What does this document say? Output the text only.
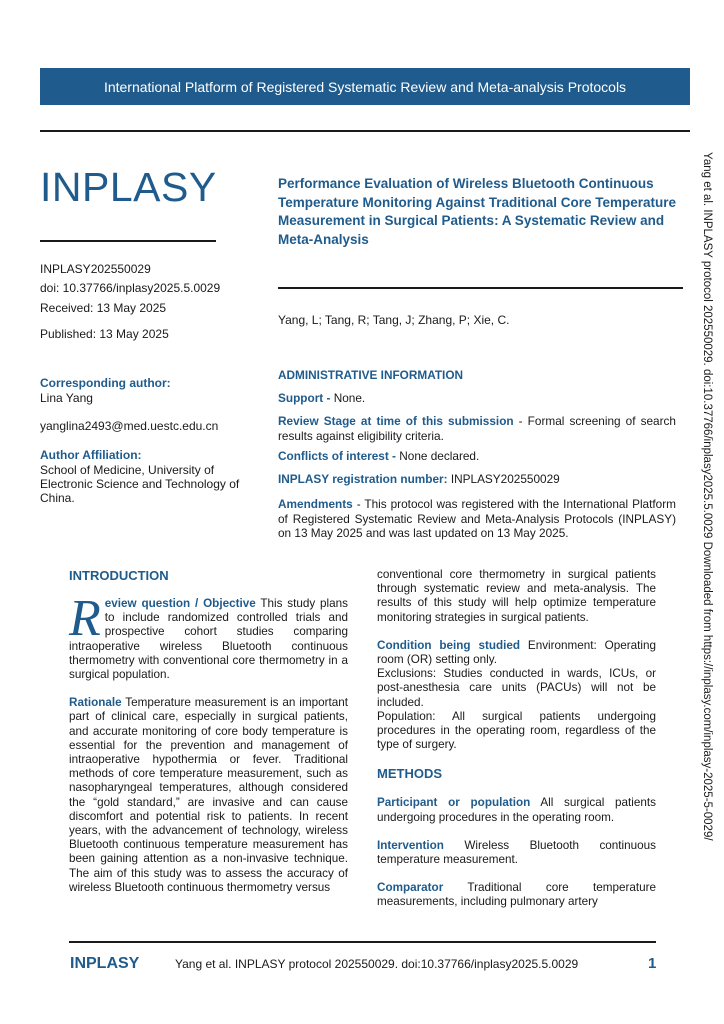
International Platform of Registered Systematic Review and Meta-analysis Protocols
Yang et al. INPLASY protocol 202550029. doi:10.37766/inplasy2025.5.0029 Downloaded from https://inplasy.com/inplasy-2025-5-0029/
INPLASY
INPLASY202550029
doi: 10.37766/inplasy2025.5.0029
Received: 13 May 2025
Published: 13 May 2025
Corresponding author:
Lina Yang
yanglina2493@med.uestc.edu.cn
Author Affiliation:
School of Medicine, University of Electronic Science and Technology of China.
Performance Evaluation of Wireless Bluetooth Continuous Temperature Monitoring Against Traditional Core Temperature Measurement in Surgical Patients: A Systematic Review and Meta-Analysis
Yang, L; Tang, R; Tang, J; Zhang, P; Xie, C.
ADMINISTRATIVE INFORMATION
Support - None.
Review Stage at time of this submission - Formal screening of search results against eligibility criteria.
Conflicts of interest - None declared.
INPLASY registration number: INPLASY202550029
Amendments - This protocol was registered with the International Platform of Registered Systematic Review and Meta-Analysis Protocols (INPLASY) on 13 May 2025 and was last updated on 13 May 2025.
INTRODUCTION

Review question / Objective This study plans to include randomized controlled trials and prospective cohort studies comparing intraoperative wireless Bluetooth continuous thermometry with conventional core thermometry in a surgical population.

Rationale Temperature measurement is an important part of clinical care, especially in surgical patients, and accurate monitoring of core body temperature is essential for the prevention and management of intraoperative hypothermia or fever. Traditional methods of core temperature measurement, such as nasopharyngeal temperatures, although considered the “gold standard,” are invasive and can cause discomfort and potential risk to patients. In recent years, with the advancement of technology, wireless Bluetooth continuous temperature measurement has been gaining attention as a non-invasive technique. The aim of this study was to assess the accuracy of wireless Bluetooth continuous thermometry versus

conventional core thermometry in surgical patients through systematic review and meta-analysis. The results of this study will help optimize temperature monitoring strategies in surgical patients.

Condition being studied Environment: Operating room (OR) setting only.

Exclusions: Studies conducted in wards, ICUs, or post-anesthesia care units (PACUs) will not be included.

Population: All surgical patients undergoing procedures in the operating room, regardless of the type of surgery.

METHODS

Participant or population All surgical patients undergoing procedures in the operating room.

Intervention Wireless Bluetooth continuous temperature measurement.

Comparator Traditional core temperature measurements, including pulmonary artery

INPLASY	Yang et al. INPLASY protocol 202550029. doi:10.37766/inplasy2025.5.0029	1
